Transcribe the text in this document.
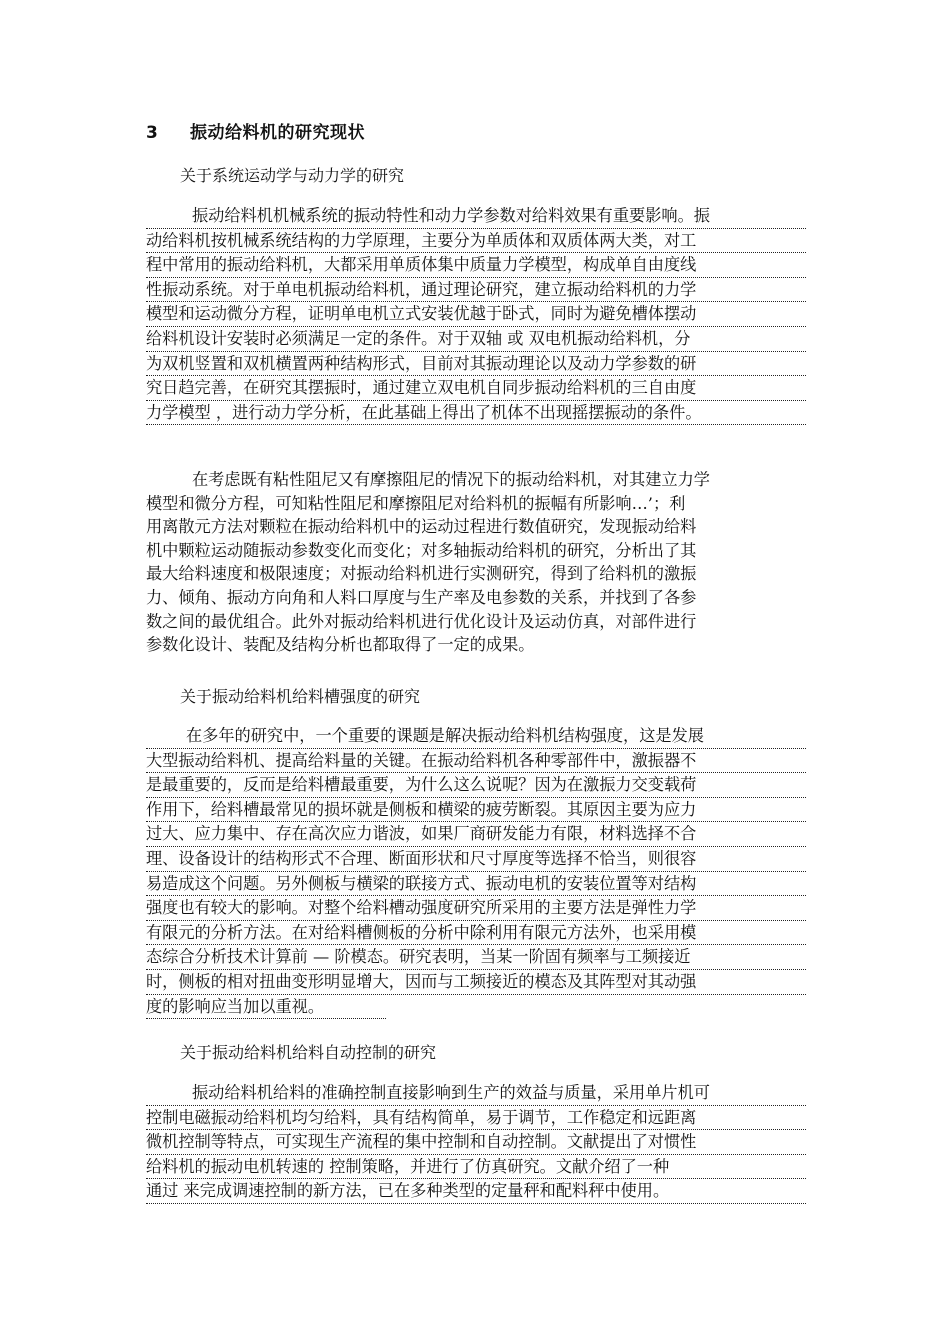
3 振动给料机的研究现状
关于系统运动学与动力学的研究
振动给料机机械系统的振动特性和动力学参数对给料效果有重要影响。振
动给料机按机械系统结构的力学原理，主要分为单质体和双质体两大类，对工
程中常用的振动给料机，大都采用单质体集中质量力学模型，构成单自由度线
性振动系统。对于单电机振动给料机，通过理论研究，建立振动给料机的力学
模型和运动微分方程，证明单电机立式安装优越于卧式，同时为避免槽体摆动
给料机设计安装时必须满足一定的条件。对于双轴 或 双电机振动给料机，分
为双机竖置和双机横置两种结构形式，目前对其振动理论以及动力学参数的研
究日趋完善，在研究其摆振时，通过建立双电机自同步振动给料机的三自由度
力学模型 ，进行动力学分析，在此基础上得出了机体不出现摇摆振动的条件。
在考虑既有粘性阻尼又有摩擦阻尼的情况下的振动给料机，对其建立力学
模型和微分方程，可知粘性阻尼和摩擦阻尼对给料机的振幅有所影响…’；利
用离散元方法对颗粒在振动给料机中的运动过程进行数值研究，发现振动给料
机中颗粒运动随振动参数变化而变化；对多轴振动给料机的研究，分析出了其
最大给料速度和极限速度；对振动给料机进行实测研究，得到了给料机的激振
力、倾角、振动方向角和人料口厚度与生产率及电参数的关系，并找到了各参
数之间的最优组合。此外对振动给料机进行优化设计及运动仿真，对部件进行
参数化设计、装配及结构分析也都取得了一定的成果。
关于振动给料机给料槽强度的研究
在多年的研究中，一个重要的课题是解决振动给料机结构强度，这是发展
大型振动给料机、提高给料量的关键。在振动给料机各种零部件中，激振器不
是最重要的，反而是给料槽最重要，为什么这么说呢？因为在激振力交变载荷
作用下，给料槽最常见的损坏就是侧板和横梁的疲劳断裂。其原因主要为应力
过大、应力集中、存在高次应力谐波，如果厂商研发能力有限，材料选择不合
理、设备设计的结构形式不合理、断面形状和尺寸厚度等选择不恰当，则很容
易造成这个问题。另外侧板与横梁的联接方式、振动电机的安装位置等对结构
强度也有较大的影响。对整个给料槽动强度研究所采用的主要方法是弹性力学
有限元的分析方法。在对给料槽侧板的分析中除利用有限元方法外，也采用模
态综合分析技术计算前 — 阶模态。研究表明，当某一阶固有频率与工频接近
时，侧板的相对扭曲变形明显增大，因而与工频接近的模态及其阵型对其动强
度的影响应当加以重视。
关于振动给料机给料自动控制的研究
振动给料机给料的准确控制直接影响到生产的效益与质量，采用单片机可
控制电磁振动给料机均匀给料，具有结构简单，易于调节，工作稳定和远距离
微机控制等特点，可实现生产流程的集中控制和自动控制。文献提出了对惯性
给料机的振动电机转速的 控制策略，并进行了仿真研究。文献介绍了一种
通过 来完成调速控制的新方法，已在多种类型的定量秤和配料秤中使用。
